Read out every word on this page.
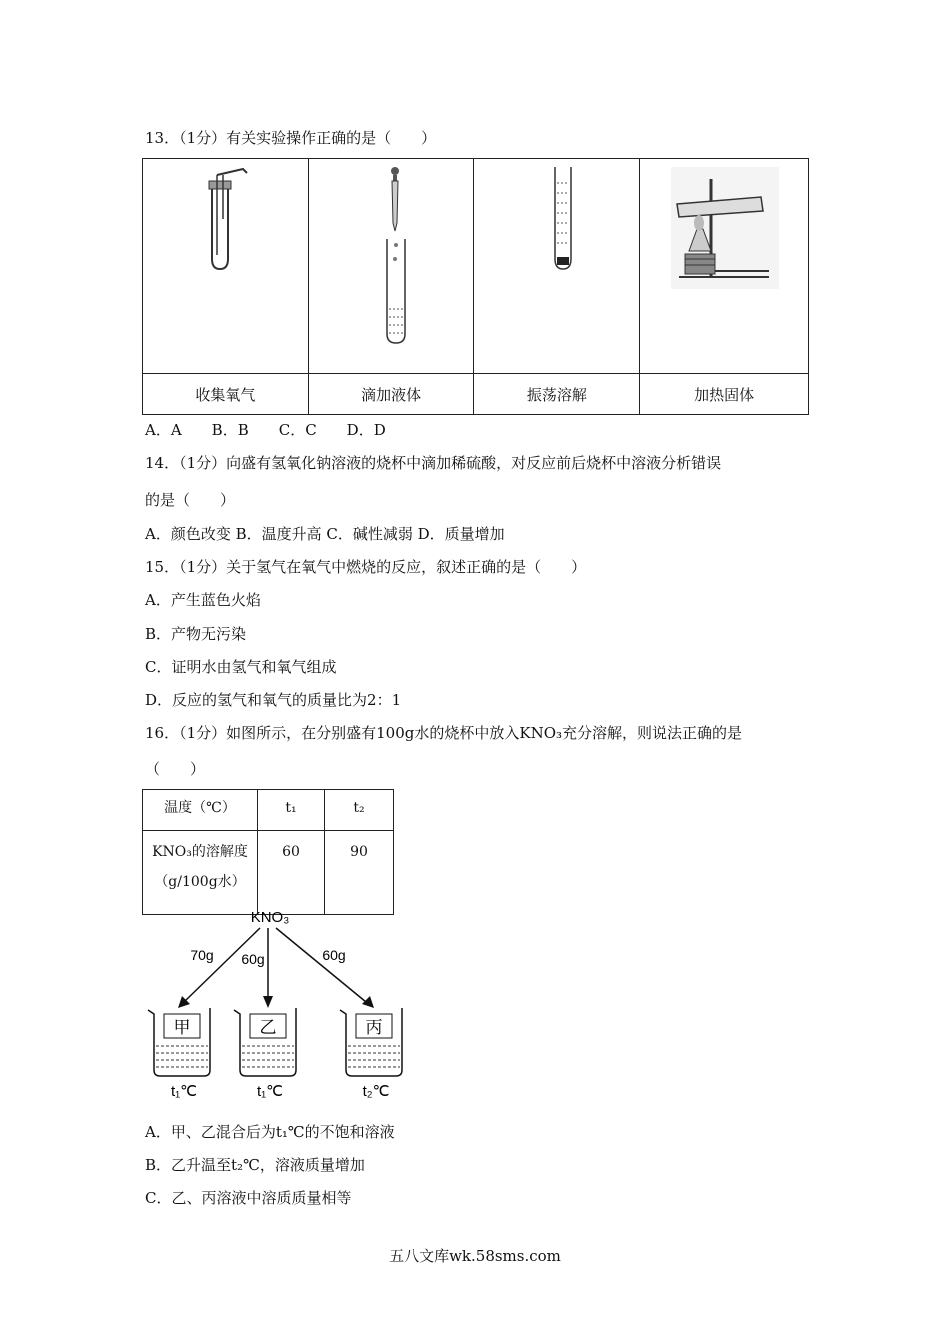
13．（1分）有关实验操作正确的是（　　）

收集氧气	滴加液体	振荡溶解	加热固体
A．A　　B．B　　C．C　　D．D
14．（1分）向盛有氢氧化钠溶液的烧杯中滴加稀硫酸，对反应前后烧杯中溶液分析错误
的是（　　）
A．颜色改变 B．温度升高 C．碱性减弱 D．质量增加
15．（1分）关于氢气在氧气中燃烧的反应，叙述正确的是（　　）
A．产生蓝色火焰
B．产物无污染
C．证明水由氢气和氧气组成
D．反应的氢气和氧气的质量比为2：1
16．（1分）如图所示，在分别盛有100g水的烧杯中放入KNO₃充分溶解，则说法正确的是
（　　）
温度（℃）	t₁	t₂

KNO₃的溶解度
（g/100g水）	60	90
KNO₃
70g 60g	60g
甲
t₁℃
乙
t₁℃
丙
t₂℃
A．甲、乙混合后为t₁℃的不饱和溶液
B．乙升温至t₂℃，溶液质量增加
C．乙、丙溶液中溶质质量相等
五八文库wk.58sms.com
